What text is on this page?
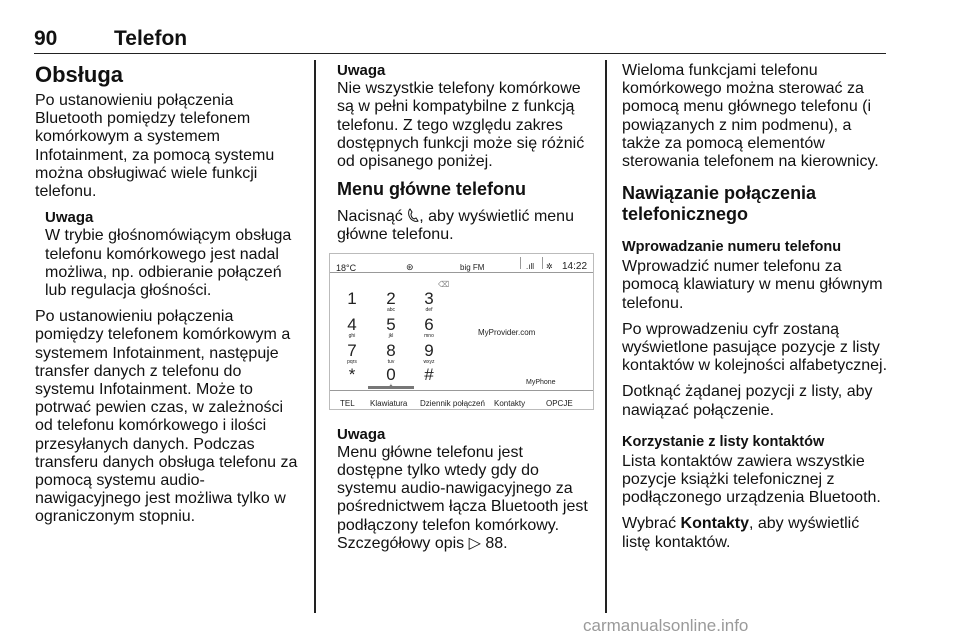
90	Telefon
Obsługa

Po ustanowieniu połączenia Bluetooth pomiędzy telefonem komórkowym a systemem Infotainment, za pomocą systemu można obsługiwać wiele funkcji telefonu.

Uwaga
W trybie głośnomówiącym obsługa telefonu komórkowego jest nadal możliwa, np. odbieranie połączeń lub regulacja głośności.

Po ustanowieniu połączenia pomiędzy telefonem komórkowym a systemem Infotainment, następuje transfer danych z telefonu do systemu Infotainment. Może to potrwać pewien czas, w zależności od telefonu komórkowego i ilości przesyłanych danych. Podczas transferu danych obsługa telefonu za pomocą systemu audio-nawigacyjnego jest możliwa tylko w ograniczonym stopniu.

Uwaga
Nie wszystkie telefony komórkowe są w pełni kompatybilne z funkcją telefonu. Z tego względu zakres dostępnych funkcji może się różnić od opisanego poniżej.
Menu główne telefonu

Nacisnąć , aby wyświetlić menu główne telefonu.

18°C	⊛	big FM	.ıll ✲ 14:22
⌫
1	2
abc
3
def
4
ghi
5
jkl
6
mno
7
pqrs
8
tuv
9
wxyz
*	0	#
MyProvider.com
MyPhone
TEL Klawiatura Dziennik połączeń Kontakty	OPCJE
Uwaga
Menu główne telefonu jest dostępne tylko wtedy gdy do systemu audio-nawigacyjnego za pośrednictwem łącza Bluetooth jest podłączony telefon komórkowy. Szczegółowy opis ▷ 88.

Wieloma funkcjami telefonu komórkowego można sterować za pomocą menu głównego telefonu (i powiązanych z nim podmenu), a także za pomocą elementów sterowania telefonem na kierownicy.

Nawiązanie połączenia telefonicznego
Wprowadzanie numeru telefonu

Wprowadzić numer telefonu za pomocą klawiatury w menu głównym telefonu.

Po wprowadzeniu cyfr zostaną wyświetlone pasujące pozycje z listy kontaktów w kolejności alfabetycznej.

Dotknąć żądanej pozycji z listy, aby nawiązać połączenie.

Korzystanie z listy kontaktów

Lista kontaktów zawiera wszystkie pozycje książki telefonicznej z podłączonego urządzenia Bluetooth.

Wybrać Kontakty, aby wyświetlić listę kontaktów.

carmanualsonline.info
